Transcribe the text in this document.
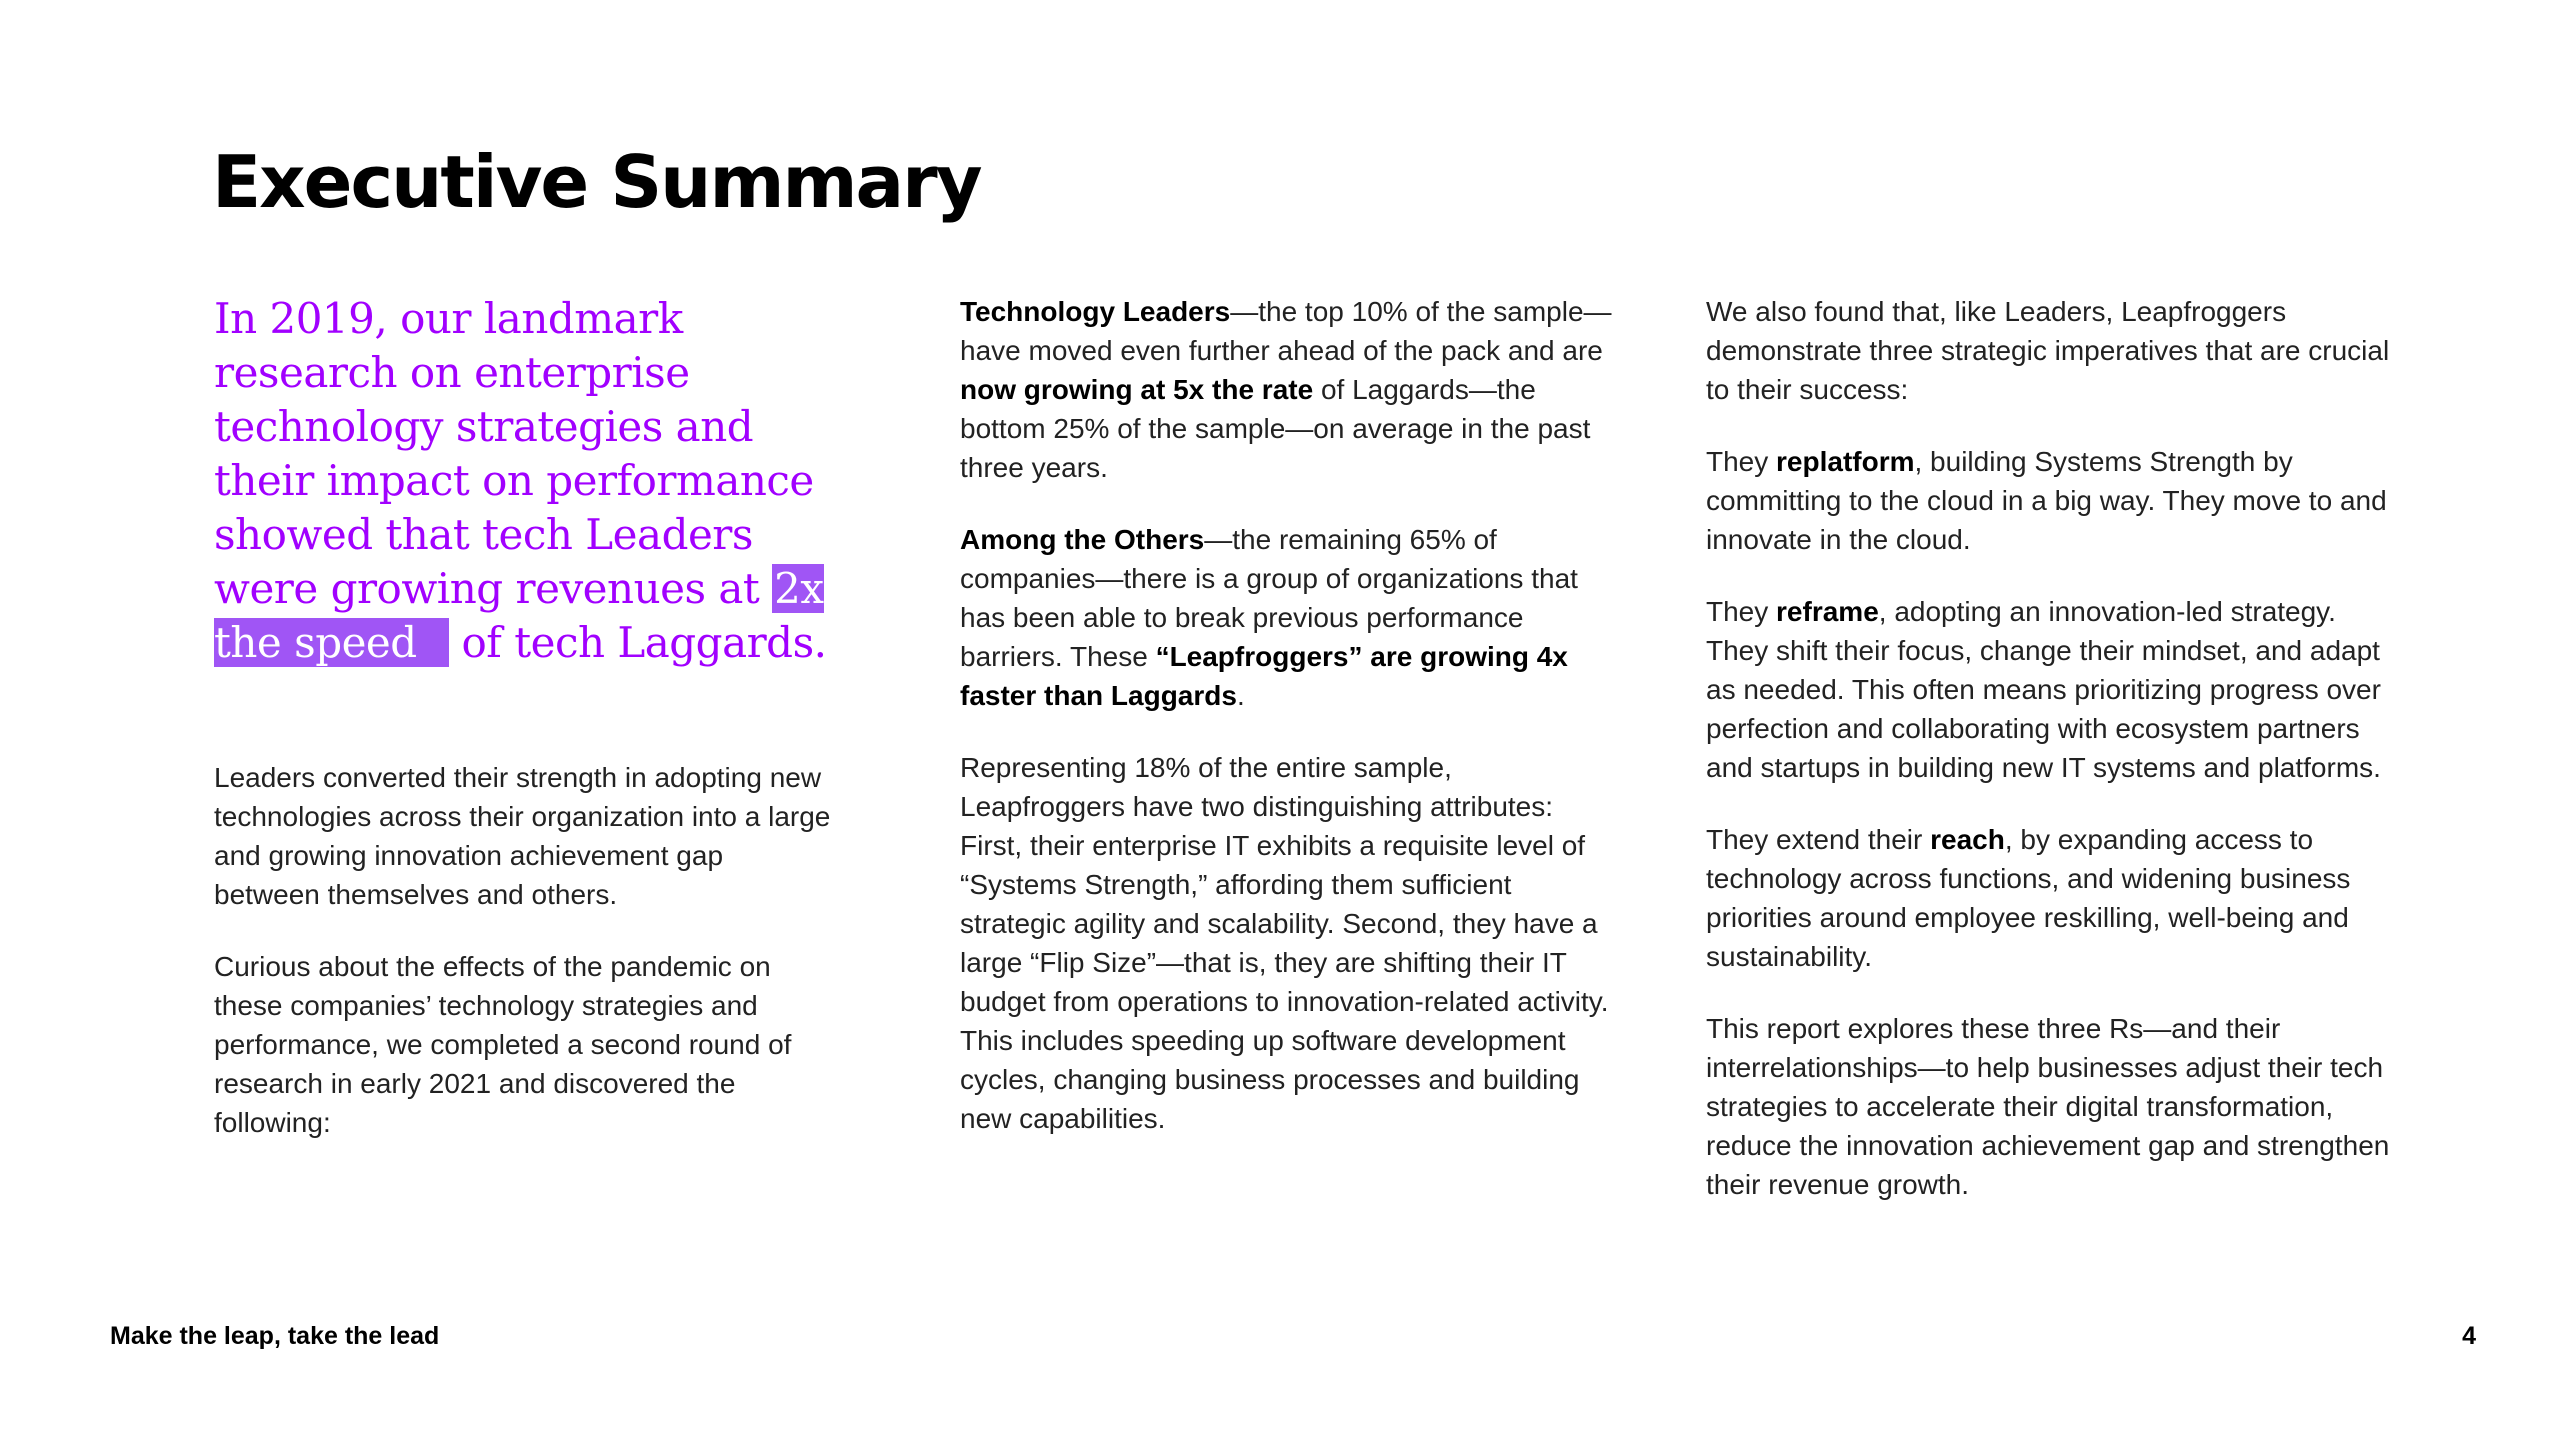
Executive Summary

In 2019, our landmark research on enterprise technology strategies and their impact on performance showed that tech Leaders were growing revenues at 2x the speed of tech Laggards.

Leaders converted their strength in adopting new technologies across their organization into a large and growing innovation achievement gap between themselves and others.

Curious about the effects of the pandemic on these companies’ technology strategies and performance, we completed a second round of research in early 2021 and discovered the following:

Technology Leaders—the top 10% of the sample—have moved even further ahead of the pack and are now growing at 5x the rate of Laggards—the bottom 25% of the sample—on average in the past three years.

Among the Others—the remaining 65% of companies—there is a group of organizations that has been able to break previous performance barriers. These “Leapfroggers” are growing 4x faster than Laggards.

Representing 18% of the entire sample, Leapfroggers have two distinguishing attributes: First, their enterprise IT exhibits a requisite level of “Systems Strength,” affording them sufficient strategic agility and scalability. Second, they have a large “Flip Size”—that is, they are shifting their IT budget from operations to innovation-related activity. This includes speeding up software development cycles, changing business processes and building new capabilities.

We also found that, like Leaders, Leapfroggers demonstrate three strategic imperatives that are crucial to their success:

They replatform, building Systems Strength by committing to the cloud in a big way. They move to and innovate in the cloud.

They reframe, adopting an innovation-led strategy. They shift their focus, change their mindset, and adapt as needed. This often means prioritizing progress over perfection and collaborating with ecosystem partners and startups in building new IT systems and platforms.

They extend their reach, by expanding access to technology across functions, and widening business priorities around employee reskilling, well-being and sustainability.

This report explores these three Rs—and their interrelationships—to help businesses adjust their tech strategies to accelerate their digital transformation, reduce the innovation achievement gap and strengthen their revenue growth.

Make the leap, take the lead	4
